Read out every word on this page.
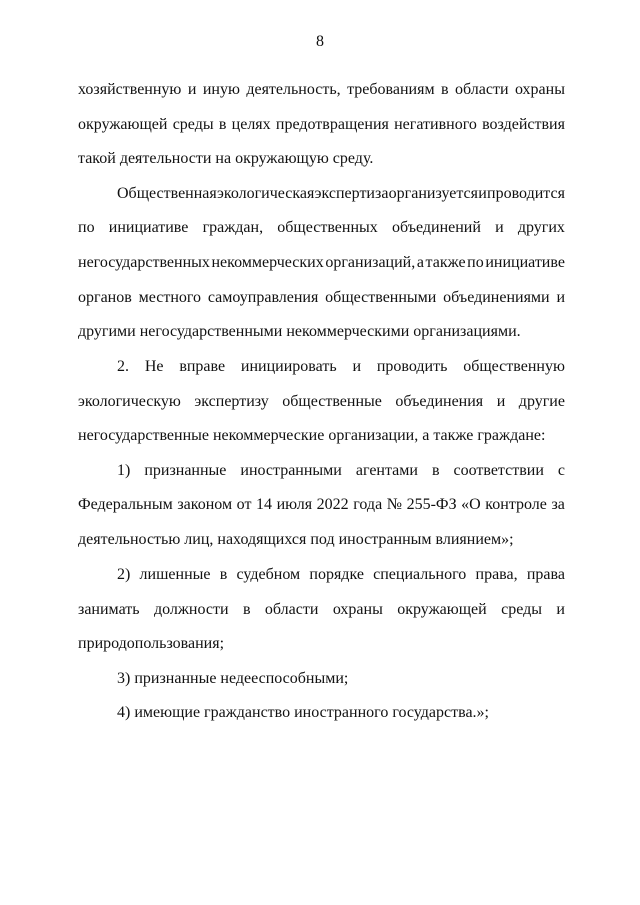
8
хозяйственную и иную деятельность, требованиям в области охраны
окружающей среды в целях предотвращения негативного воздействия
такой деятельности на окружающую среду.
Общественная экологическая экспертиза организуется и проводится
по инициативе граждан, общественных объединений и других
негосударственных некоммерческих организаций, а также по инициативе
органов местного самоуправления общественными объединениями и
другими негосударственными некоммерческими организациями.
2. Не вправе инициировать и проводить общественную
экологическую экспертизу общественные объединения и другие
негосударственные некоммерческие организации, а также граждане:
1) признанные иностранными агентами в соответствии с
Федеральным законом от 14 июля 2022 года № 255-ФЗ «О контроле за
деятельностью лиц, находящихся под иностранным влиянием»;
2) лишенные в судебном порядке специального права, права
занимать должности в области охраны окружающей среды и
природопользования;
3) признанные недееспособными;
4) имеющие гражданство иностранного государства.»;
